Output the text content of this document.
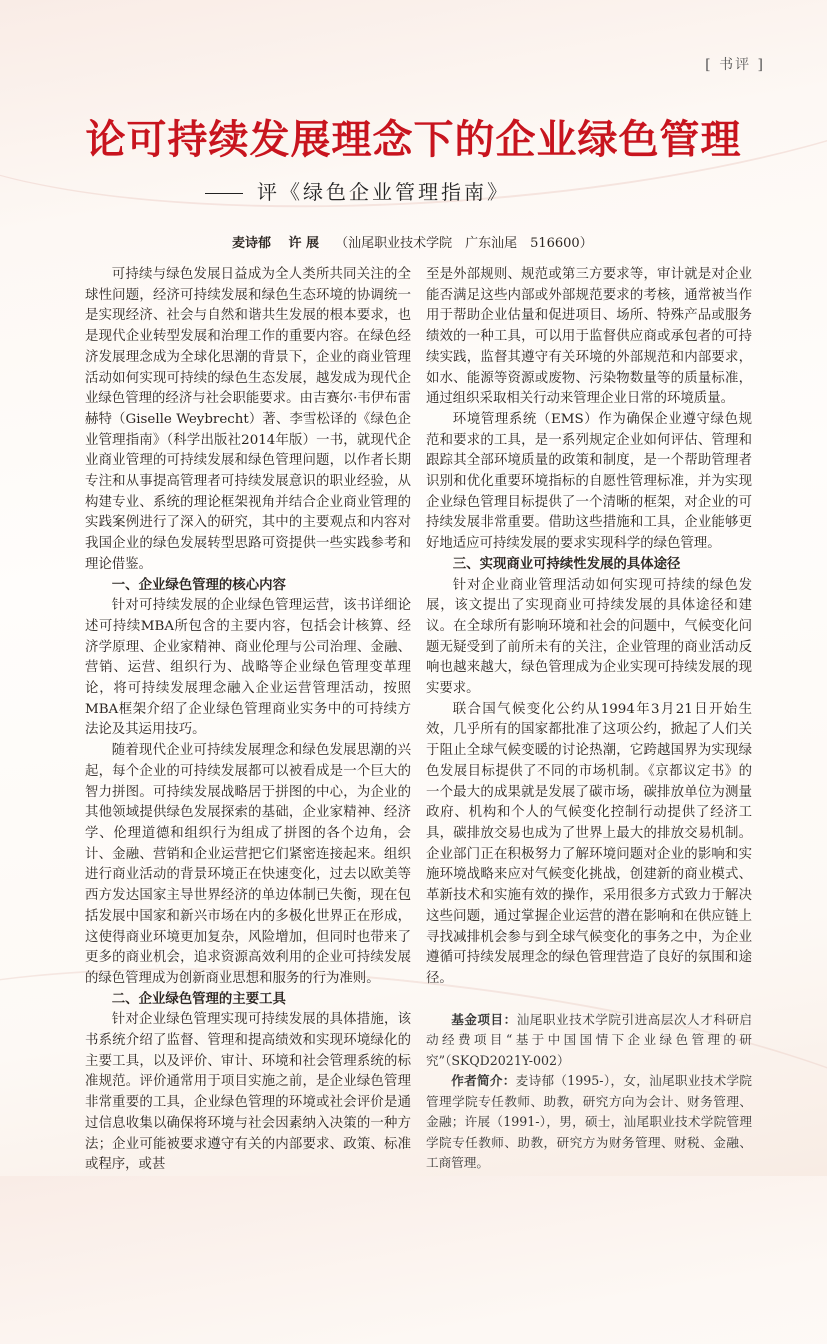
[ 书评 ]
论可持续发展理念下的企业绿色管理
评《绿色企业管理指南》
麦诗郁　 许 展 （汕尾职业技术学院　广东汕尾　516600）

可持续与绿色发展日益成为全人类所共同关注的全球性问题，经济可持续发展和绿色生态环境的协调统一是实现经济、社会与自然和谐共生发展的根本要求，也是现代企业转型发展和治理工作的重要内容。在绿色经济发展理念成为全球化思潮的背景下，企业的商业管理活动如何实现可持续的绿色生态发展，越发成为现代企业绿色管理的经济与社会职能要求。由吉赛尔·韦伊布雷赫特（Giselle Weybrecht）著、李雪松译的《绿色企业管理指南》（科学出版社2014年版）一书，就现代企业商业管理的可持续发展和绿色管理问题，以作者长期专注和从事提高管理者可持续发展意识的职业经验，从构建专业、系统的理论框架视角并结合企业商业管理的实践案例进行了深入的研究，其中的主要观点和内容对我国企业的绿色发展转型思路可资提供一些实践参考和理论借鉴。

一、企业绿色管理的核心内容

针对可持续发展的企业绿色管理运营，该书详细论述可持续MBA所包含的主要内容，包括会计核算、经济学原理、企业家精神、商业伦理与公司治理、金融、营销、运营、组织行为、战略等企业绿色管理变革理论，将可持续发展理念融入企业运营管理活动，按照MBA框架介绍了企业绿色管理商业实务中的可持续方法论及其运用技巧。

随着现代企业可持续发展理念和绿色发展思潮的兴起，每个企业的可持续发展都可以被看成是一个巨大的智力拼图。可持续发展战略居于拼图的中心，为企业的其他领域提供绿色发展探索的基础，企业家精神、经济学、伦理道德和组织行为组成了拼图的各个边角，会计、金融、营销和企业运营把它们紧密连接起来。组织进行商业活动的背景环境正在快速变化，过去以欧美等西方发达国家主导世界经济的单边体制已失衡，现在包括发展中国家和新兴市场在内的多极化世界正在形成，这使得商业环境更加复杂，风险增加，但同时也带来了更多的商业机会，追求资源高效利用的企业可持续发展的绿色管理成为创新商业思想和服务的行为准则。

二、企业绿色管理的主要工具

针对企业绿色管理实现可持续发展的具体措施，该书系统介绍了监督、管理和提高绩效和实现环境绿化的主要工具，以及评价、审计、环境和社会管理系统的标准规范。评价通常用于项目实施之前，是企业绿色管理非常重要的工具，企业绿色管理的环境或社会评价是通过信息收集以确保将环境与社会因素纳入决策的一种方法；企业可能被要求遵守有关的内部要求、政策、标准或程序，或甚

至是外部规则、规范或第三方要求等，审计就是对企业能否满足这些内部或外部规范要求的考核，通常被当作用于帮助企业估量和促进项目、场所、特殊产品或服务绩效的一种工具，可以用于监督供应商或承包者的可持续实践，监督其遵守有关环境的外部规范和内部要求，如水、能源等资源或废物、污染物数量等的质量标准，通过组织采取相关行动来管理企业日常的环境质量。

环境管理系统（EMS）作为确保企业遵守绿色规范和要求的工具，是一系列规定企业如何评估、管理和跟踪其全部环境质量的政策和制度，是一个帮助管理者识别和优化重要环境指标的自愿性管理标准，并为实现企业绿色管理目标提供了一个清晰的框架，对企业的可持续发展非常重要。借助这些措施和工具，企业能够更好地适应可持续发展的要求实现科学的绿色管理。

三、实现商业可持续性发展的具体途径

针对企业商业管理活动如何实现可持续的绿色发展，该文提出了实现商业可持续发展的具体途径和建议。在全球所有影响环境和社会的问题中，气候变化问题无疑受到了前所未有的关注，企业管理的商业活动反响也越来越大，绿色管理成为企业实现可持续发展的现实要求。

联合国气候变化公约从1994年3月21日开始生效，几乎所有的国家都批准了这项公约，掀起了人们关于阻止全球气候变暖的讨论热潮，它跨越国界为实现绿色发展目标提供了不同的市场机制。《京都议定书》的一个最大的成果就是发展了碳市场，碳排放单位为测量政府、机构和个人的气候变化控制行动提供了经济工具，碳排放交易也成为了世界上最大的排放交易机制。企业部门正在积极努力了解环境问题对企业的影响和实施环境战略来应对气候变化挑战，创建新的商业模式、革新技术和实施有效的操作，采用很多方式致力于解决这些问题，通过掌握企业运营的潜在影响和在供应链上寻找减排机会参与到全球气候变化的事务之中，为企业遵循可持续发展理念的绿色管理营造了良好的氛围和途径。

基金项目：汕尾职业技术学院引进高层次人才科研启动经费项目“基于中国国情下企业绿色管理的研究”（SKQD2021Y-002）

作者简介：麦诗郁（1995-），女，汕尾职业技术学院管理学院专任教师、助教，研究方向为会计、财务管理、金融；许展（1991-），男，硕士，汕尾职业技术学院管理学院专任教师、助教，研究方为财务管理、财税、金融、工商管理。
